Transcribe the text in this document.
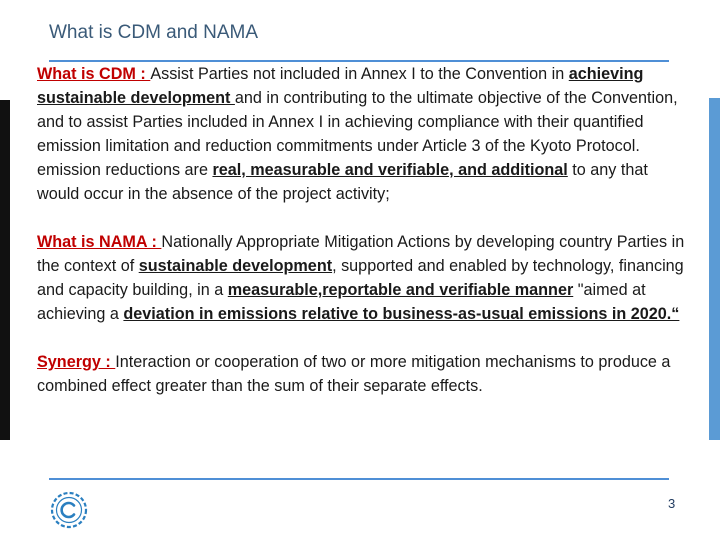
What is CDM and NAMA

What is CDM : Assist Parties not included in Annex I to the Convention in achieving sustainable development and in contributing to the ultimate objective of the Convention, and to assist Parties included in Annex I in achieving compliance with their quantified emission limitation and reduction commitments under Article 3 of the Kyoto Protocol. emission reductions are real, measurable and verifiable, and additional to any that would occur in the absence of the project activity;

What is NAMA : Nationally Appropriate Mitigation Actions by developing country Parties in the context of sustainable development, supported and enabled by technology, financing and capacity building, in a measurable,reportable and verifiable manner "aimed at achieving a deviation in emissions relative to business-as-usual emissions in 2020.“

Synergy : Interaction or cooperation of two or more mitigation mechanisms to produce a combined effect greater than the sum of their separate effects.

3
